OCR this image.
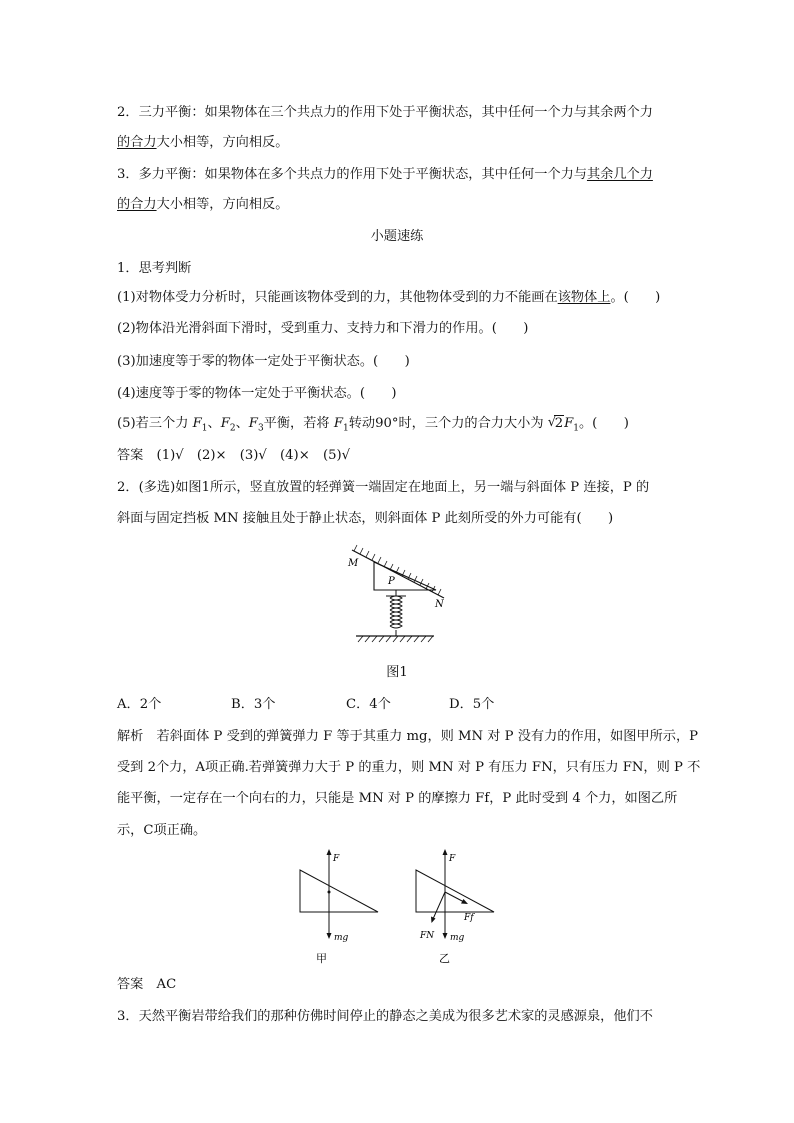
2．三力平衡：如果物体在三个共点力的作用下处于平衡状态，其中任何一个力与其余两个力
的合力大小相等，方向相反。
3．多力平衡：如果物体在多个共点力的作用下处于平衡状态，其中任何一个力与其余几个力
的合力大小相等，方向相反。
小题速练
1．思考判断
(1)对物体受力分析时，只能画该物体受到的力，其他物体受到的力不能画在该物体上。(　　)
(2)物体沿光滑斜面下滑时，受到重力、支持力和下滑力的作用。(　　)
(3)加速度等于零的物体一定处于平衡状态。(　　)
(4)速度等于零的物体一定处于平衡状态。(　　)
(5)若三个力 $F_1$、$F_2$、$F_3$平衡，若将 $F_1$转动90°时，三个力的合力大小为 √
$2F_1$。(　　)
答案　(1)√　(2)×　(3)√　(4)×　(5)√
2．(多选)如图1所示，竖直放置的轻弹簧一端固定在地面上，另一端与斜面体 P 连接，P 的
斜面与固定挡板 MN 接触且处于静止状态，则斜面体 P 此刻所受的外力可能有(　　)
M
P
N
图1
A．2个	B．3个	C．4个	D．5个
解析　若斜面体 P 受到的弹簧弹力 F 等于其重力 mg，则 MN 对 P 没有力的作用，如图甲所示，P
受到 2个力，A项正确.若弹簧弹力大于 P 的重力，则 MN 对 P 有压力 FN，只有压力 FN，则 P 不
能平衡，一定存在一个向右的力，只能是 MN 对 P 的摩擦力 Ff，P 此时受到 4 个力，如图乙所
示，C项正确。
F
mg
甲
F
Ff
FN mg
乙
答案　AC
3．天然平衡岩带给我们的那种仿佛时间停止的静态之美成为很多艺术家的灵感源泉，他们不
